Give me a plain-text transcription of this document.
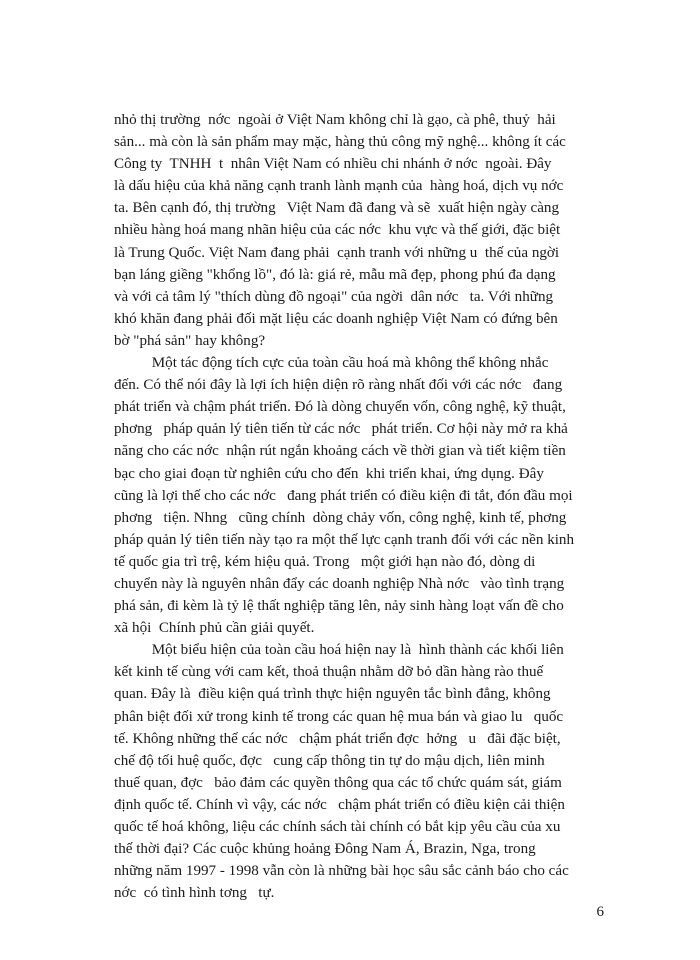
nhỏ thị trường  nớc  ngoài ở Việt Nam không chỉ là gạo, cà phê, thuỷ  hải
sản... mà còn là sản phẩm may mặc, hàng thủ công mỹ nghệ... không ít các
Công ty  TNHH  t  nhân Việt Nam có nhiều chi nhánh ở nớc  ngoài. Đây
là dấu hiệu của khả năng cạnh tranh lành mạnh của  hàng hoá, dịch vụ nớc
ta. Bên cạnh đó, thị trường   Việt Nam đã đang và sẽ  xuất hiện ngày càng
nhiều hàng hoá mang nhãn hiệu của các nớc  khu vực và thế giới, đặc biệt
là Trung Quốc. Việt Nam đang phải  cạnh tranh với những u  thế của ngời
bạn láng giềng "khổng lồ", đó là: giá rẻ, mẫu mã đẹp, phong phú đa dạng
và với cả tâm lý "thích dùng đồ ngoại" của ngời  dân nớc   ta. Với những
khó khăn đang phải đối mặt liệu các doanh nghiệp Việt Nam có đứng bên
bờ "phá sản" hay không?
Một tác động tích cực của toàn cầu hoá mà không thể không nhắc
đến. Có thể nói đây là lợi ích hiện diện rõ ràng nhất đối với các nớc   đang
phát triển và chậm phát triển. Đó là dòng chuyển vốn, công nghệ, kỹ thuật,
phơng   pháp quản lý tiên tiến từ các nớc   phát triển. Cơ hội này mở ra khả
năng cho các nớc  nhận rút ngắn khoảng cách về thời gian và tiết kiệm tiền
bạc cho giai đoạn từ nghiên cứu cho đến  khi triển khai, ứng dụng. Đây
cũng là lợi thế cho các nớc   đang phát triển có điều kiện đi tắt, đón đầu mọi
phơng   tiện. Nhng   cũng chính  dòng chảy vốn, công nghệ, kinh tế, phơng
pháp quản lý tiên tiến này tạo ra một thế lực cạnh tranh đối với các nền kinh
tế quốc gia trì trệ, kém hiệu quả. Trong   một giới hạn nào đó, dòng di
chuyển này là nguyên nhân đẩy các doanh nghiệp Nhà nớc   vào tình trạng
phá sản, đi kèm là tỷ lệ thất nghiệp tăng lên, nảy sinh hàng loạt vấn đề cho
xã hội  Chính phủ cần giải quyết.
Một biểu hiện của toàn cầu hoá hiện nay là  hình thành các khối liên
kết kinh tế cùng với cam kết, thoả thuận nhằm dỡ bỏ dần hàng rào thuế
quan. Đây là  điều kiện quá trình thực hiện nguyên tắc bình đẳng, không
phân biệt đối xử trong kinh tế trong các quan hệ mua bán và giao lu   quốc
tế. Không những thế các nớc   chậm phát triển đợc  hởng   u   đãi đặc biệt,
chế độ tối huệ quốc, đợc   cung cấp thông tin tự do mậu dịch, liên minh
thuế quan, đợc   bảo đảm các quyền thông qua các tổ chức quám sát, giám
định quốc tế. Chính vì vậy, các nớc   chậm phát triển có điều kiện cải thiện
quốc tế hoá không, liệu các chính sách tài chính có bắt kịp yêu cầu của xu
thế thời đại? Các cuộc khủng hoảng Đông Nam Á, Brazin, Nga, trong
những năm 1997 - 1998 vẫn còn là những bài học sâu sắc cảnh báo cho các
nớc  có tình hình tơng   tự.
6
